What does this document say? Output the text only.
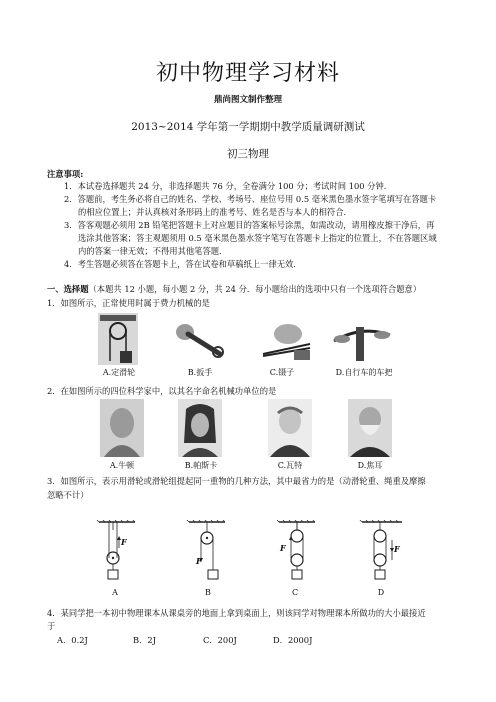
初中物理学习材料
鼎尚图文制作整理
2013~2014 学年第一学期期中教学质量调研测试
初三物理
注意事项:
1．本试卷选择题共 24 分，非选择题共 76 分，全卷满分 100 分；考试时间 100 分钟．
2．答题前，考生务必将自己的姓名、学校、考场号、座位号用 0.5 毫米黑色墨水签字笔填写在答题卡
的相应位置上；并认真核对条形码上的准考号、姓名是否与本人的相符合．
3．答客观题必须用 2B 铅笔把答题卡上对应题目的答案标号涂黑，如需改动，请用橡皮擦干净后，再
选涂其他答案；答主观题须用 0.5 毫米黑色墨水签字笔写在答题卡上指定的位置上，不在答题区域
内的答案一律无效；不得用其他笔答题．
4．考生答题必须答在答题卡上，答在试卷和草稿纸上一律无效．
一、选择题（本题共 12 小题，每小题 2 分，共 24 分．每小题给出的选项中只有一个选项符合题意）
1．如图所示，正常使用时属于费力机械的是
A.定滑轮	B.扳手	C.镊子	D.自行车的车把
2．在如图所示的四位科学家中，以其名字命名机械功单位的是
A.牛顿	B.帕斯卡	C.瓦特	D.焦耳
3．如图所示，表示用滑轮或滑轮组提起同一重物的几种方法，其中最省力的是（动滑轮重、绳重及摩擦
忽略不计）
F
F
F	F
A	B	C	D
4．某同学把一本初中物理课本从课桌旁的地面上拿到桌面上，则该同学对物理课本所做功的大小最接近
于
A．0.2J	B．2J	C．200J	D．2000J
